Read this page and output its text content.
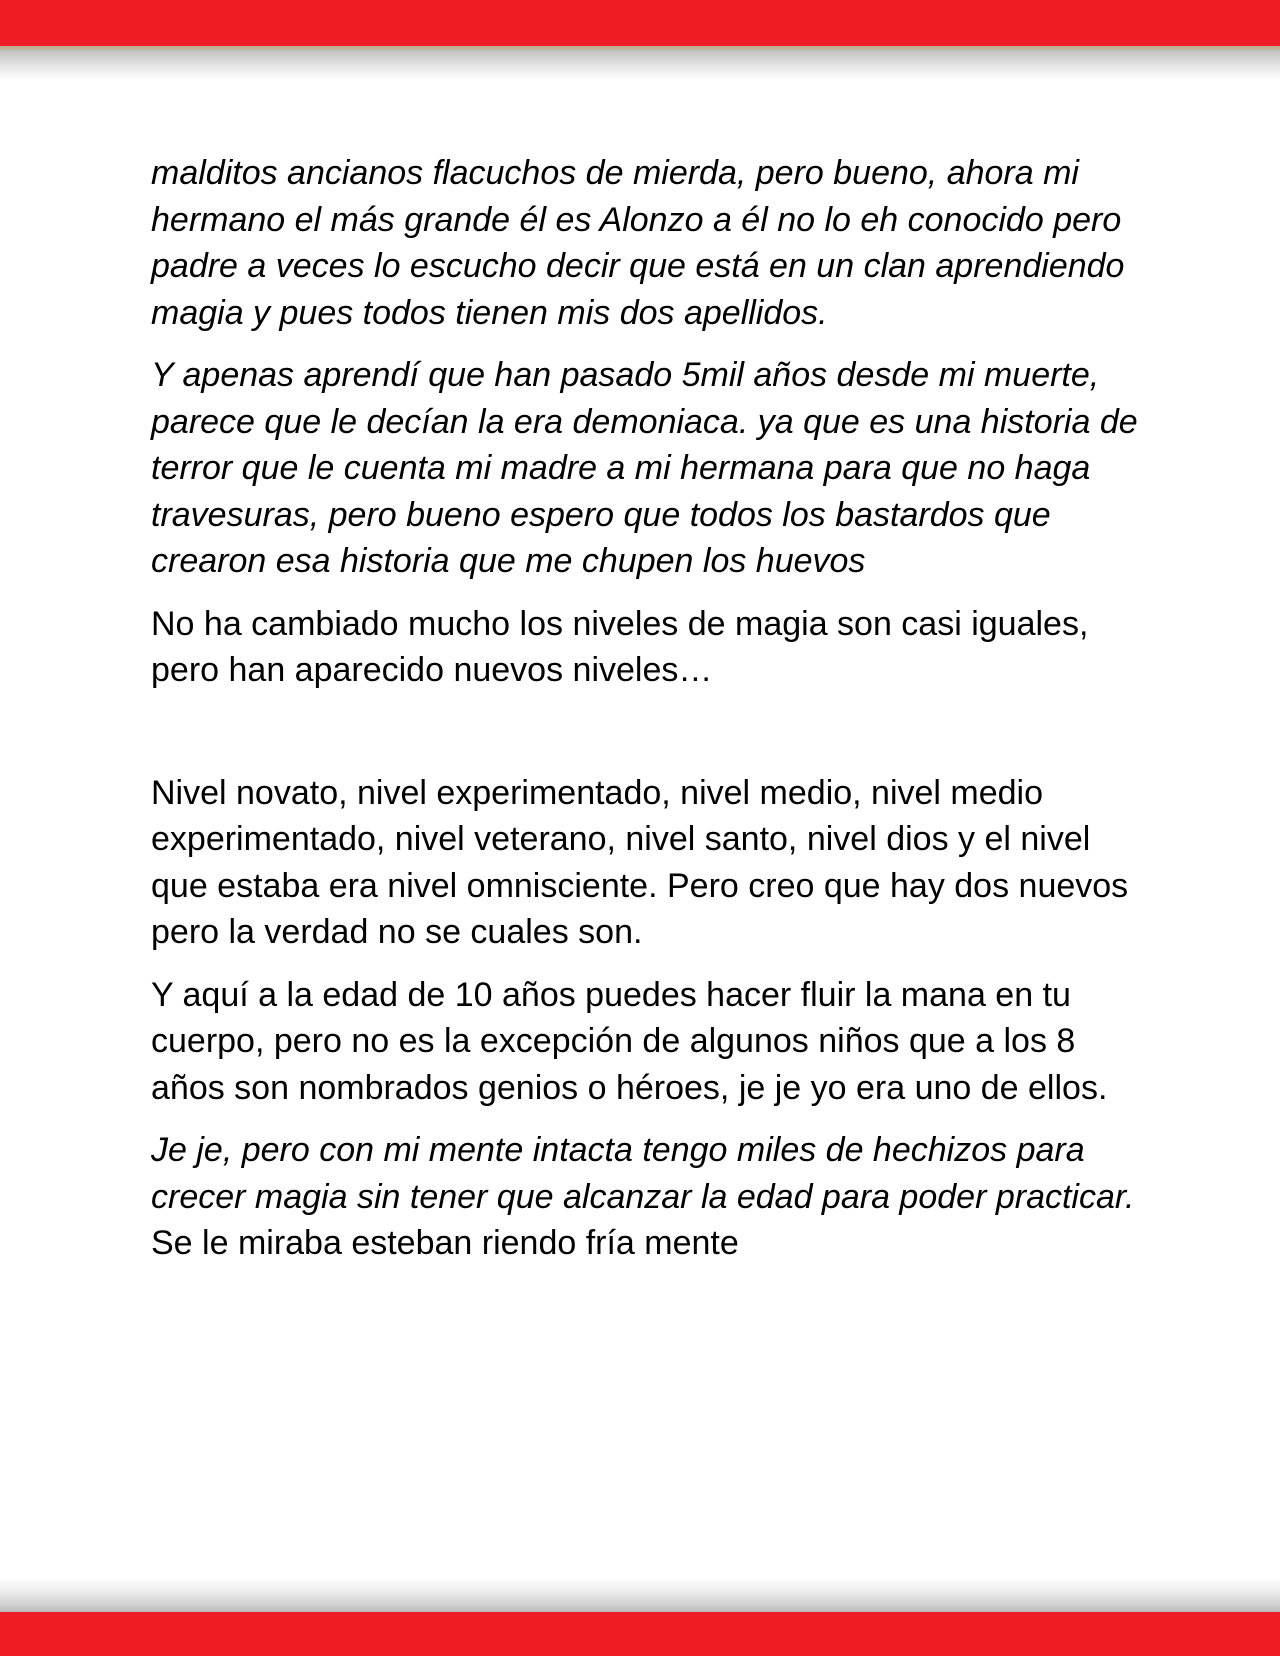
malditos ancianos flacuchos de mierda, pero bueno, ahora mi hermano el más grande él es Alonzo a él no lo eh conocido pero padre a veces lo escucho decir que está en un clan aprendiendo magia y pues todos tienen mis dos apellidos.

Y apenas aprendí que han pasado 5mil años desde mi muerte, parece que le decían la era demoniaca. ya que es una historia de terror que le cuenta mi madre a mi hermana para que no haga travesuras, pero bueno espero que todos los bastardos que crearon esa historia que me chupen los huevos

No ha cambiado mucho los niveles de magia son casi iguales, pero han aparecido nuevos niveles…

Nivel novato, nivel experimentado, nivel medio, nivel medio experimentado, nivel veterano, nivel santo, nivel dios y el nivel que estaba era nivel omnisciente. Pero creo que hay dos nuevos pero la verdad no se cuales son.

Y aquí a la edad de 10 años puedes hacer fluir la mana en tu cuerpo, pero no es la excepción de algunos niños que a los 8 años son nombrados genios o héroes, je je yo era uno de ellos.

Je je, pero con mi mente intacta tengo miles de hechizos para crecer magia sin tener que alcanzar la edad para poder practicar. Se le miraba esteban riendo fría mente
